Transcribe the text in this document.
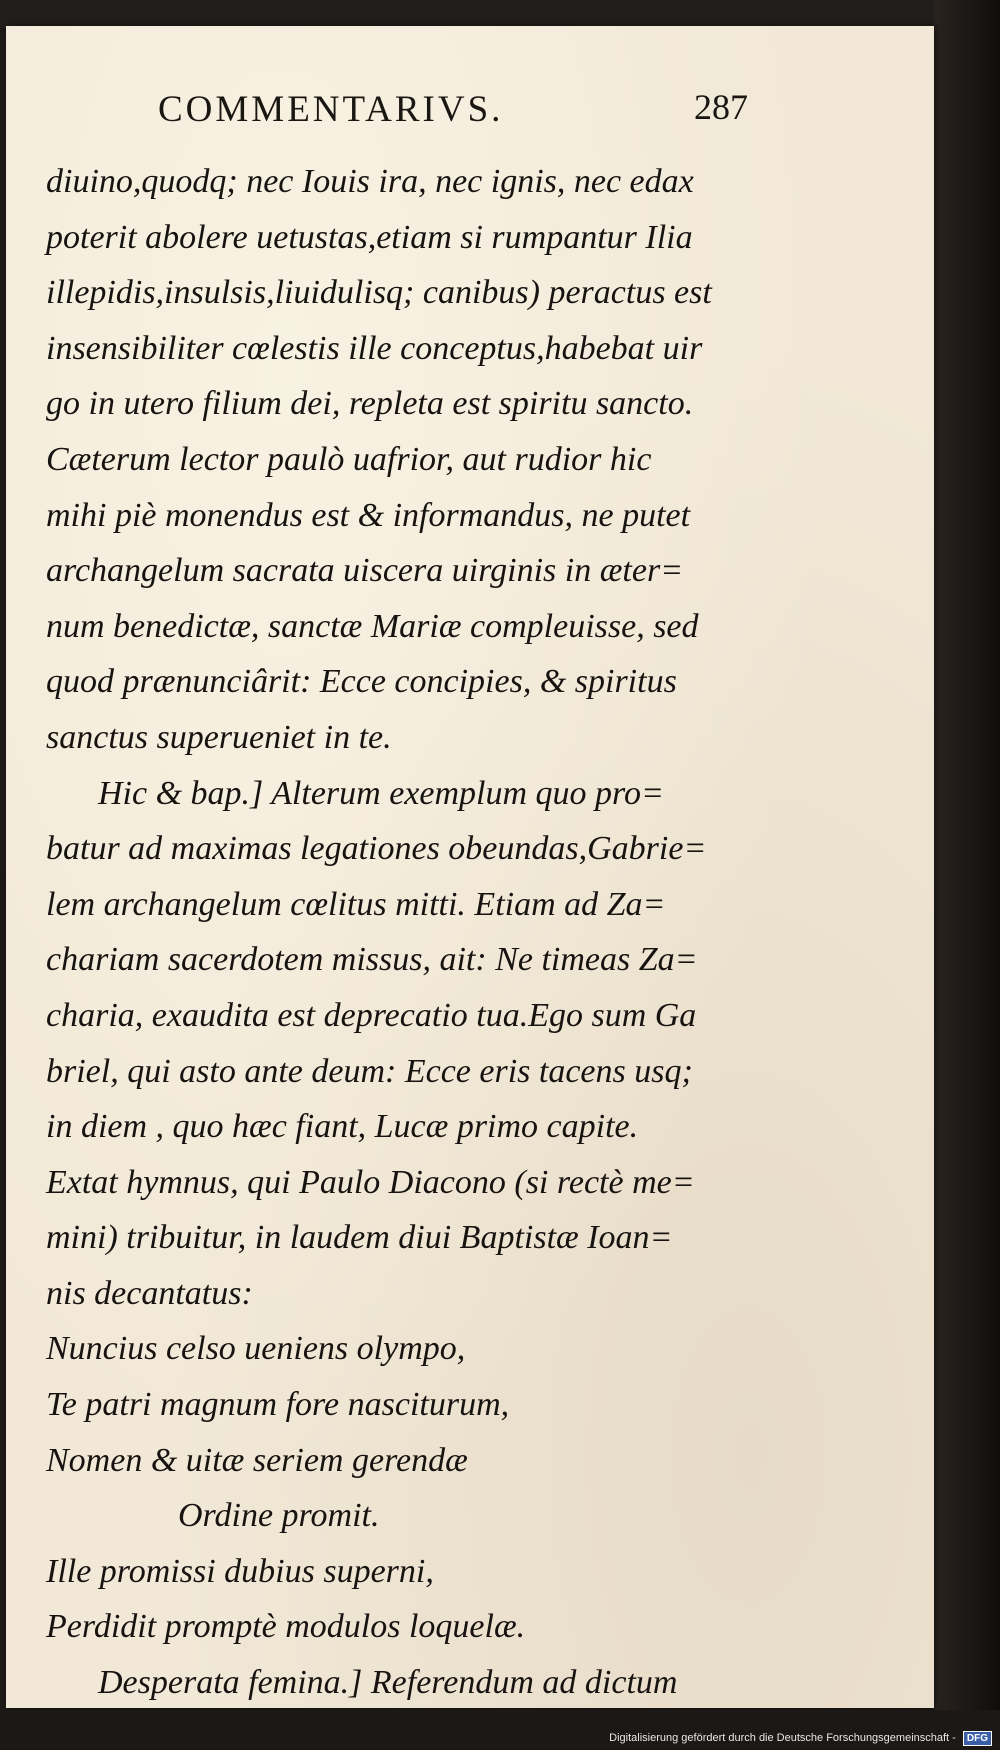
COMMENTARIVS.	287
diuino,quodq; nec Iouis ira, nec ignis, nec edax
poterit abolere uetustas,etiam si rumpantur Ilia
illepidis,insulsis,liuidulisq; canibus) peractus est
insensibiliter cœlestis ille conceptus,habebat uir
go in utero filium dei, repleta est spiritu sancto.
Cæterum lector paulò uafrior, aut rudior hic
mihi piè monendus est & informandus, ne putet
archangelum sacrata uiscera uirginis in æter=
num benedictæ, sanctæ Mariæ compleuisse, sed
quod prænunciârit: Ecce concipies, & spiritus
sanctus superueniet in te.
Hic & bap.] Alterum exemplum quo pro=
batur ad maximas legationes obeundas,Gabrie=
lem archangelum cœlitus mitti. Etiam ad Za=
chariam sacerdotem missus, ait: Ne timeas Za=
charia, exaudita est deprecatio tua.Ego sum Ga
briel, qui asto ante deum: Ecce eris tacens usq;
in diem , quo hæc fiant, Lucæ primo capite.
Extat hymnus, qui Paulo Diacono (si rectè me=
mini) tribuitur, in laudem diui Baptistæ Ioan=
nis decantatus:
Nuncius celso ueniens olympo,
Te patri magnum fore nasciturum,
Nomen & uitæ seriem gerendæ
Ordine promit.
Ille promissi dubius superni,
Perdidit promptè modulos loquelæ.
Desperata femina.] Referendum ad dictum
Digitalisierung gefördert durch die Deutsche Forschungsgemeinschaft - DFG
